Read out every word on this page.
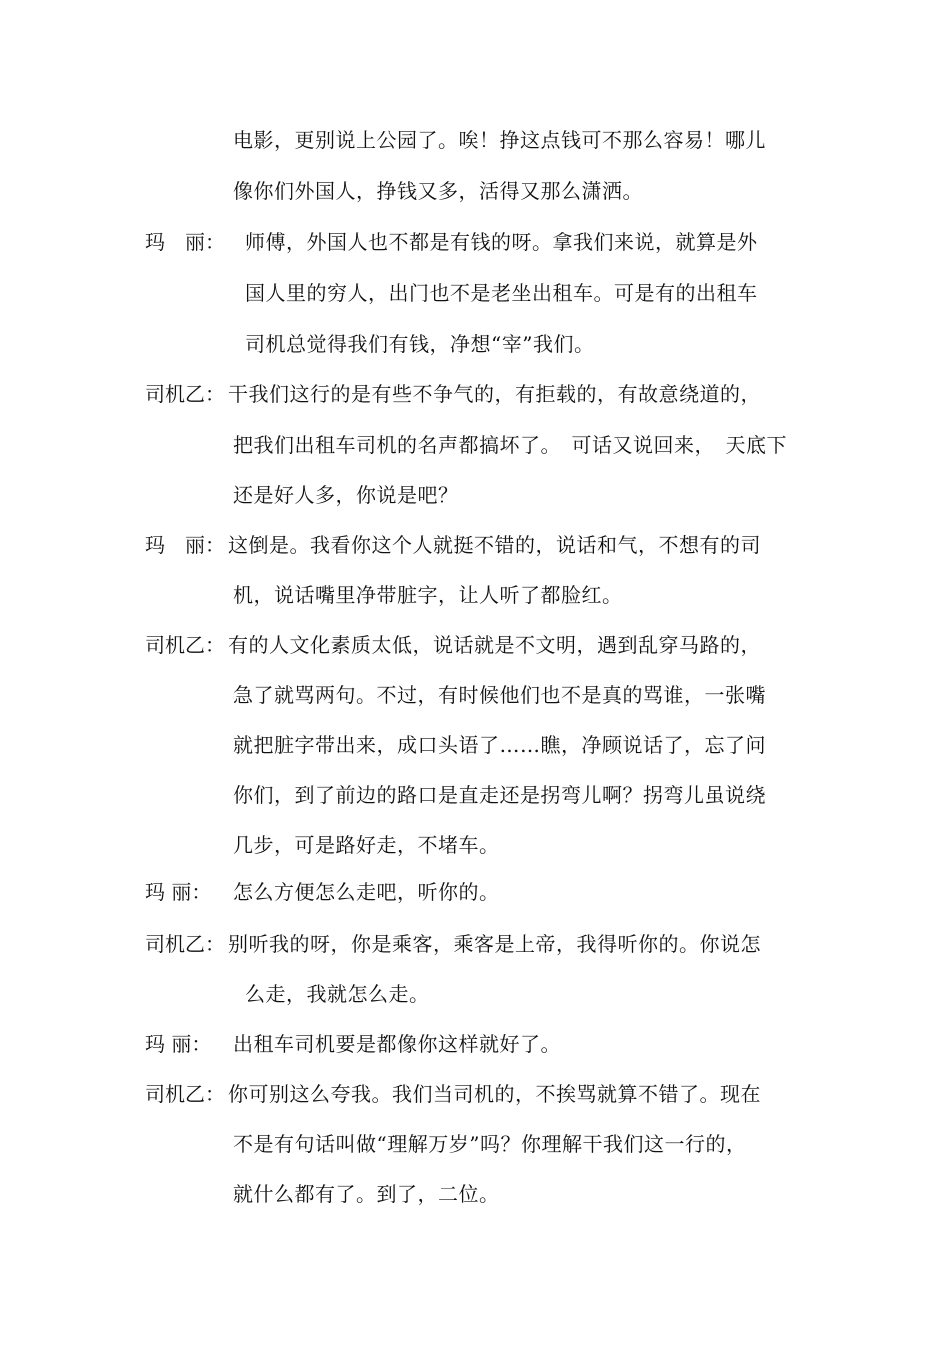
电影，更别说上公园了。唉！挣这点钱可不那么容易！哪儿
像你们外国人，挣钱又多，活得又那么潇洒。
玛　丽： 师傅，外国人也不都是有钱的呀。拿我们来说，就算是外
国人里的穷人，出门也不是老坐出租车。可是有的出租车
司机总觉得我们有钱，净想“宰”我们。
司机乙： 干我们这行的是有些不争气的，有拒载的，有故意绕道的，
把我们出租车司机的名声都搞坏了。　可话又说回来，　天底下
还是好人多，你说是吧？
玛　丽： 这倒是。我看你这个人就挺不错的，说话和气，不想有的司
机，说话嘴里净带脏字，让人听了都脸红。
司机乙： 有的人文化素质太低，说话就是不文明，遇到乱穿马路的，
急了就骂两句。不过，有时候他们也不是真的骂谁，一张嘴
就把脏字带出来，成口头语了……瞧，净顾说话了，忘了问
你们，到了前边的路口是直走还是拐弯儿啊？拐弯儿虽说绕
几步，可是路好走，不堵车。
玛 丽： 怎么方便怎么走吧，听你的。
司机乙： 别听我的呀，你是乘客，乘客是上帝，我得听你的。你说怎
么走，我就怎么走。
玛 丽： 出租车司机要是都像你这样就好了。
司机乙： 你可别这么夸我。我们当司机的，不挨骂就算不错了。现在
不是有句话叫做“理解万岁”吗？你理解干我们这一行的，
就什么都有了。到了，二位。
